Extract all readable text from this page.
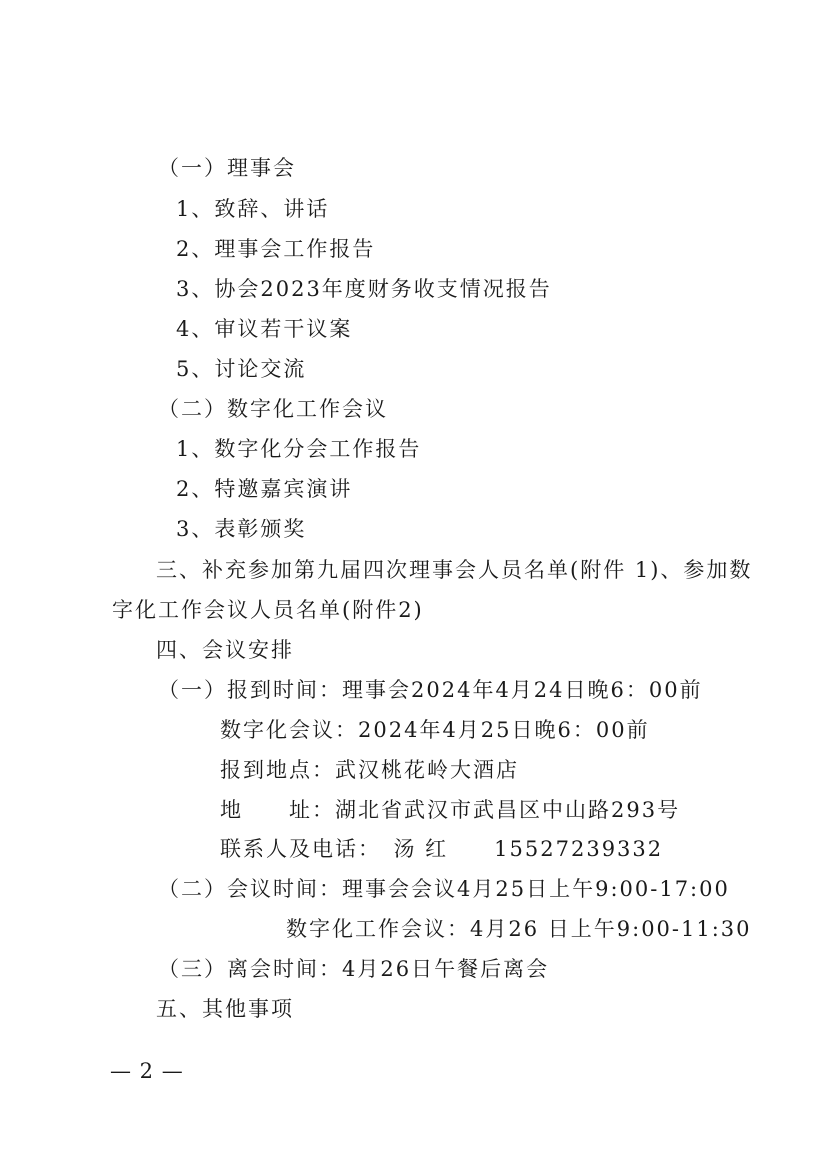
（一）理事会
1、致辞、讲话
2、理事会工作报告
3、协会2023年度财务收支情况报告
4、审议若干议案
5、讨论交流
（二）数字化工作会议
1、数字化分会工作报告
2、特邀嘉宾演讲
3、表彰颁奖
三、补充参加第九届四次理事会人员名单(附件 1)、参加数
字化工作会议人员名单(附件2)
四、会议安排
（一）报到时间：理事会2024年4月24日晚6：00前
数字化会议：2024年4月25日晚6：00前
报到地点：武汉桃花岭大酒店
地　　址：湖北省武汉市武昌区中山路293号
联系人及电话：　汤 红　　15527239332
（二）会议时间：理事会会议4月25日上午9:00-17:00
数字化工作会议：4月26 日上午9:00-11:30
（三）离会时间：4月26日午餐后离会
五、其他事项
— 2 —
